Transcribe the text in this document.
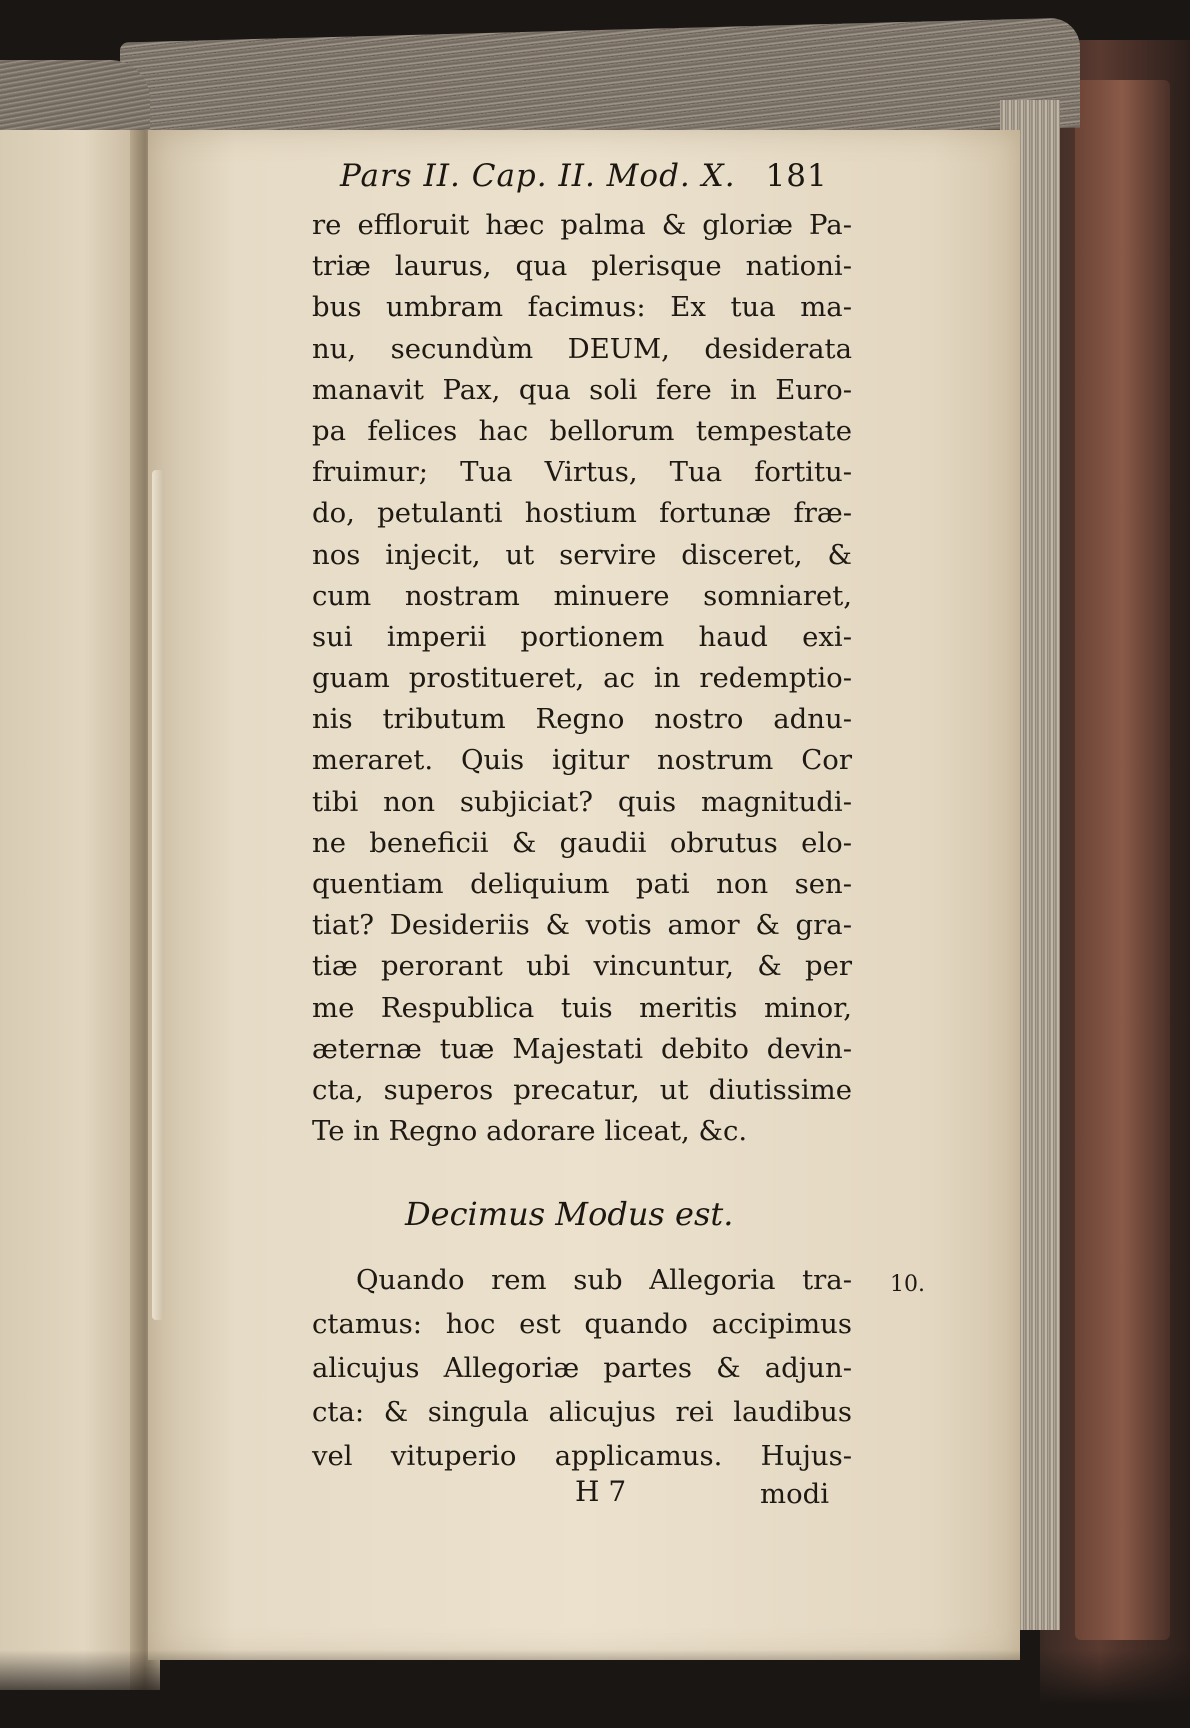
Pars II. Cap. II. Mod. X. 181
re effloruit hæc palma & gloriæ Pa-
triæ laurus, qua plerisque nationi-
bus umbram facimus: Ex tua ma-
nu, secundùm DEUM, desiderata
manavit Pax, qua soli fere in Euro-
pa felices hac bellorum tempestate
fruimur; Tua Virtus, Tua fortitu-
do, petulanti hostium fortunæ fræ-
nos injecit, ut servire disceret, &
cum nostram minuere somniaret,
sui imperii portionem haud exi-
guam prostitueret, ac in redemptio-
nis tributum Regno nostro adnu-
meraret. Quis igitur nostrum Cor
tibi non subjiciat? quis magnitudi-
ne beneficii & gaudii obrutus elo-
quentiam deliquium pati non sen-
tiat? Desideriis & votis amor & gra-
tiæ perorant ubi vincuntur, & per
me Respublica tuis meritis minor,
æternæ tuæ Majestati debito devin-
cta, superos precatur, ut diutissime
Te in Regno adorare liceat, &c.
Decimus Modus est.
Quando rem sub Allegoria tra-
ctamus: hoc est quando accipimus
alicujus Allegoriæ partes & adjun-
cta: & singula alicujus rei laudibus
vel vituperio applicamus. Hujus-
10.
H 7	modi
